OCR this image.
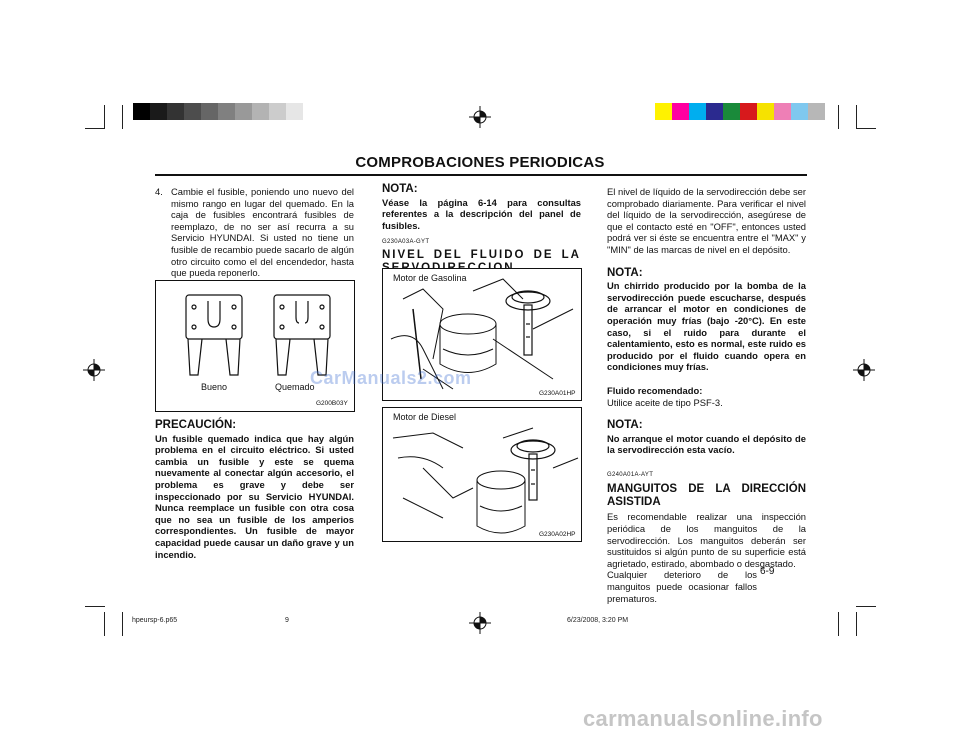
COMPROBACIONES PERIODICAS
4. Cambie el fusible, poniendo uno nuevo del mismo rango en lugar del quemado. En la caja de fusibles encontrará fusibles de reemplazo, de no ser así recurra a su Servicio HYUNDAI. Si usted no tiene un fusible de recambio puede sacarlo de algún otro circuito como el del encendedor, hasta que pueda reponerlo.
Bueno	Quemado
G200B03Y
PRECAUCIÓN:
Un fusible quemado indica que hay algún problema en el circuito eléctrico. Si usted cambia un fusible y este se quema nuevamente al conectar algún accesorio, el problema es grave y debe ser inspeccionado por su Servicio HYUNDAI. Nunca reemplace un fusible con otra cosa que no sea un fusible de los amperios correspondientes. Un fusible de mayor capacidad puede causar un daño grave y un incendio.
NOTA:
Véase la página 6-14 para consultas referentes a la descripción del panel de fusibles.
G230A03A-GYT
NIVEL DEL FLUIDO DE LA
Motor de Gasolina
G230A01HP
Motor de Diesel
G230A02HP
El nivel de líquido de la servodirección debe ser comprobado diariamente. Para verificar el nivel del líquido de la servodirección, asegúrese de que el contacto esté en "OFF", entonces usted podrá ver si éste se encuentra entre el "MAX" y "MIN" de las marcas de nivel en el depósito.
NOTA:
Un chirrido producido por la bomba de la servodirección puede escucharse, después de arrancar el motor en condiciones de operación muy frías (bajo -20°C). En este caso, si el ruido para durante el calentamiento, esto es normal, este ruido es producido por el fluido cuando opera en condiciones muy frías.
Fluido recomendado:
Utilice aceite de tipo PSF-3.
NOTA:
No arranque el motor cuando el depósito de la servodirección esta vacío.
G240A01A-AYT
MANGUITOS DE LA DIRECCIÓN ASISTIDA
Es recomendable realizar una inspección periódica de los manguitos de la servodirección. Los manguitos deberán ser sustituidos si algún punto de su superficie está agrietado, estirado, abombado o desgastado.
Cualquier deterioro de los manguitos puede ocasionar fallos prematuros.
6-9
hpeursp-6.p65	9	6/23/2008, 3:20 PM
CarManuals2.com
carmanualsonline.info
